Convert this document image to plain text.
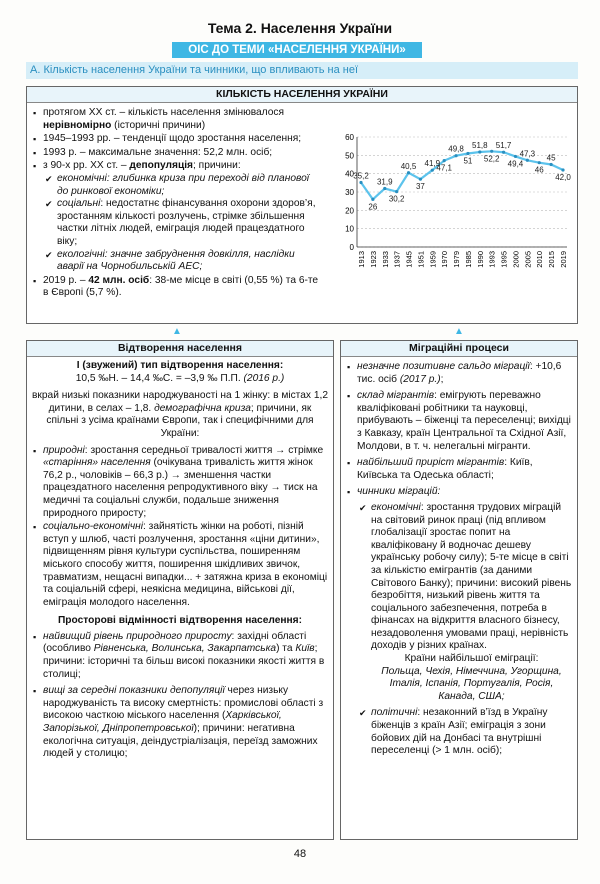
Тема 2. Населення України
ОІС ДО ТЕМИ «НАСЕЛЕННЯ УКРАЇНИ»
А. Кількість населення України та чинники, що впливають на неї
КІЛЬКІСТЬ НАСЕЛЕННЯ УКРАЇНИ
▪ протягом XX ст. – кількість населення змінювалося нерівномірно (історичні причини)
▪ 1945–1993 рр. – тенденції щодо зростання населення;
▪ 1993 р. – максимальне значення: 52,2 млн. осіб;
▪ з 90-х рр. XX ст. – депопуляція; причини:
✔ економічні: глибинка криза при переході від планової до ринкової економіки;
✔ соціальні: недостатнє фінансування охорони здоров’я, зростанням кількості розлучень, стрімке збільшення частки літніх людей, еміграція людей працездатного віку;
✔ екологічні: значне забруднення довкілля, наслідки аварії на Чорнобильській АЕС;
▪ 2019 р. – 42 млн. осіб: 38-ме місце в світі (0,55 %) та 6-те в Європі (5,7 %).
0
10
20
30
40
50
60
1913 1923 1933 1937 1945 1951 1959 1970 1979 1985 1990 1993 1995 2000 2005 2010 2015 2019
35,2
26
31,9
30,2
40,5
37
41,9
47,1
49,8
51
51,8
52,2
51,7
49,4
47,3
46
45
42,0
▲	▲
Відтворення населення
І (звужений) тип відтворення населення:
10,5 ‰Н. – 14,4 ‰С. = –3,9 ‰ П.П. (2016 р.)
вкрай низькі показники народжуваності на 1 жінку: в містах 1,2 дитини, в селах – 1,8. демографічна криза; причини, як спільні з усіма країнами Європи, так і специфічними для України:
▪ природні: зростання середньої тривалості життя → стрімке «старіння» населення (очікувана тривалість життя жінок 76,2 р., чоловіків – 66,3 р.) → зменшення частки працездатного населення репродуктивного віку → тиск на медичні та соціальні служби, подальше зниження природного приросту;
▪ соціально-економічні: зайнятість жінки на роботі, пізній вступ у шлюб, часті розлучення, зростання «ціни дитини», підвищенням рівня культури суспільства, поширенням міського способу життя, поширення шкідливих звичок, травматизм, нещасні випадки... + затяжна криза в економіці та соціальній сфері, неякісна медицина, військові дії, еміграція молодого населення.
Просторові відмінності відтворення населення:
▪ найвищий рівень природного приросту: західні області (особливо Рівненська, Волинська, Закарпатська) та Київ; причини: історичні та більш високі показники якості життя в столиці;
▪ вищі за середні показники депопуляції через низьку народжуваність та високу смертність: промислові області з високою часткою міського населення (Харківської, Запорізької, Дніпропетровської); причини: негативна екологічна ситуація, деіндустріалізація, переїзд заможних людей у столицю;
Міграційні процеси
▪ незначне позитивне сальдо міграції: +10,6 тис. осіб (2017 р.);
▪ склад мігрантів: емігрують переважно кваліфіковані робітники та науковці, прибувають – біженці та переселенці; вихідці з Кавказу, країн Центральної та Східної Азії, Молдови, в т. ч. нелегальні мігранти.
▪ найбільший приріст мігрантів: Київ, Київська та Одеська області;
▪ чинники міграцій:
✔ економічні: зростання трудових міграцій на світовий ринок праці (під впливом глобалізації зростає попит на кваліфіковану й водночас дешеву українську робочу силу); 5-те місце в світі за кількістю емігрантів (за даними Світового Банку); причини: високий рівень безробіття, низький рівень життя та соціального забезпечення, потреба в фінансах на відкриття власного бізнесу, незадоволення умовами праці, нерівність доходів у різних країнах.
Країни найбільшої еміграції:
Польща, Чехія, Німеччина, Угорщина, Італія, Іспанія, Португалія, Росія, Канада, США;
✔ політичні: незаконний в’їзд в Україну біженців з країн Азії; еміграція з зони бойових дій на Донбасі та внутрішні переселенці (> 1 млн. осіб);
48
